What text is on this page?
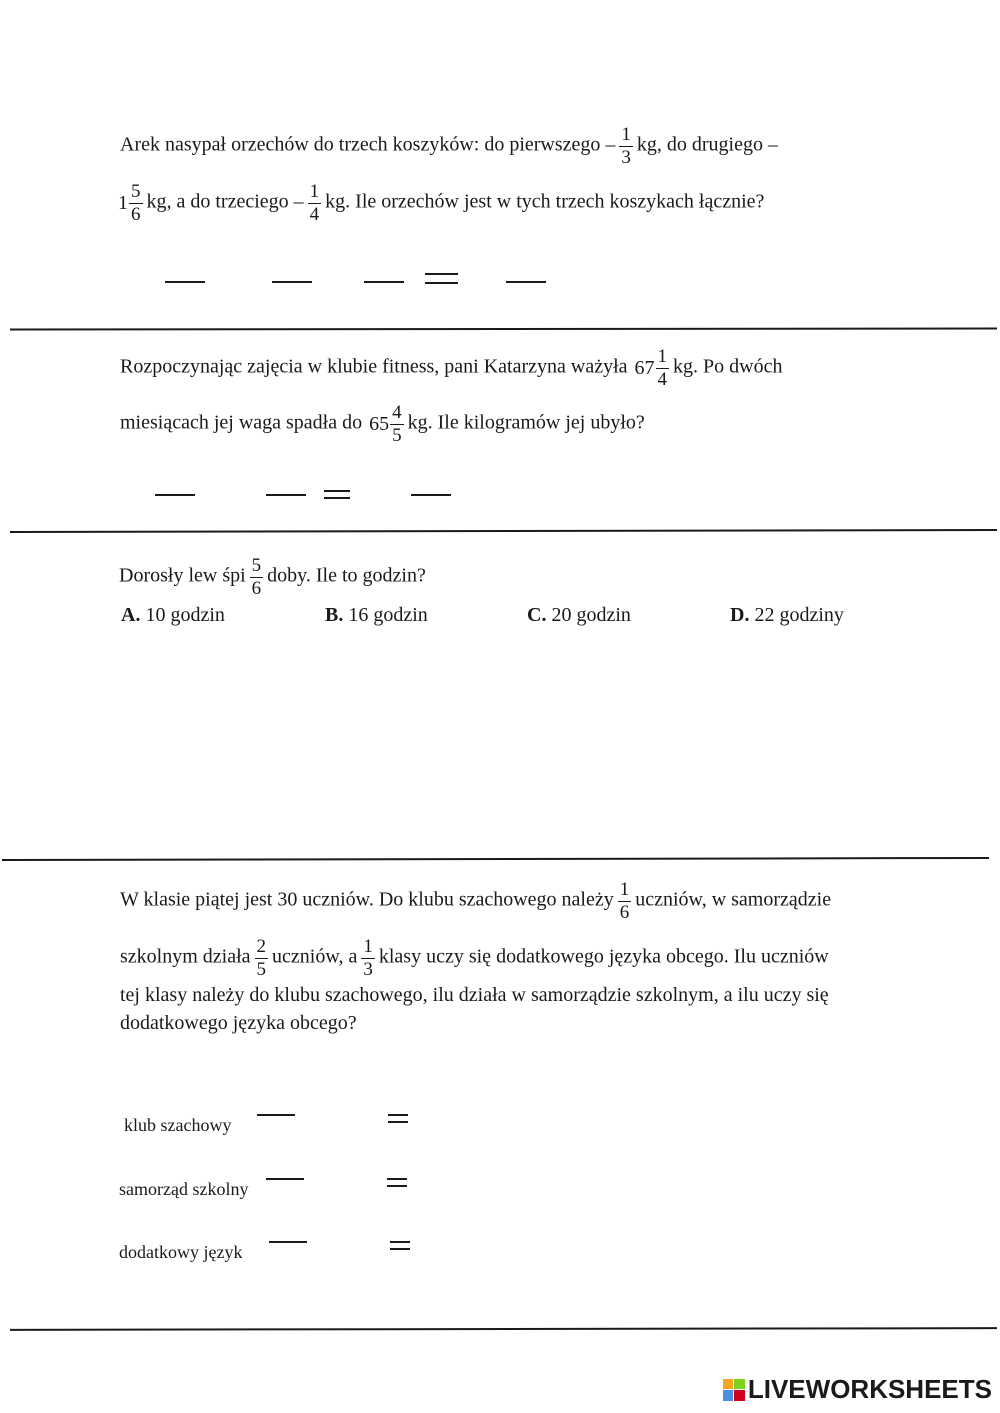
Arek nasypał orzechów do trzech koszyków: do pierwszego – $\frac{1}{3}$ kg, do drugiego –
$1 \frac{5}{6}$ kg, a do trzeciego – $\frac{1}{4}$ kg. Ile orzechów jest w tych trzech koszykach łącznie?
Rozpoczynając zajęcia w klubie fitness, pani Katarzyna ważyła $67 \frac{1}{4}$ kg. Po dwóch
miesiącach jej waga spadła do $65 \frac{4}{5}$ kg. Ile kilogramów jej ubyło?
Dorosły lew śpi $\frac{5}{6}$ doby. Ile to godzin?
A. 10 godzin	B. 16 godzin	C. 20 godzin	D. 22 godziny
W klasie piątej jest 30 uczniów. Do klubu szachowego należy $\frac{1}{6}$ uczniów, w samorządzie
szkolnym działa $\frac{2}{5}$ uczniów, a $\frac{1}{3}$ klasy uczy się dodatkowego języka obcego. Ilu uczniów
tej klasy należy do klubu szachowego, ilu działa w samorządzie szkolnym, a ilu uczy się
dodatkowego języka obcego?
klub szachowy
samorząd szkolny
dodatkowy język
LIVEWORKSHEETS
